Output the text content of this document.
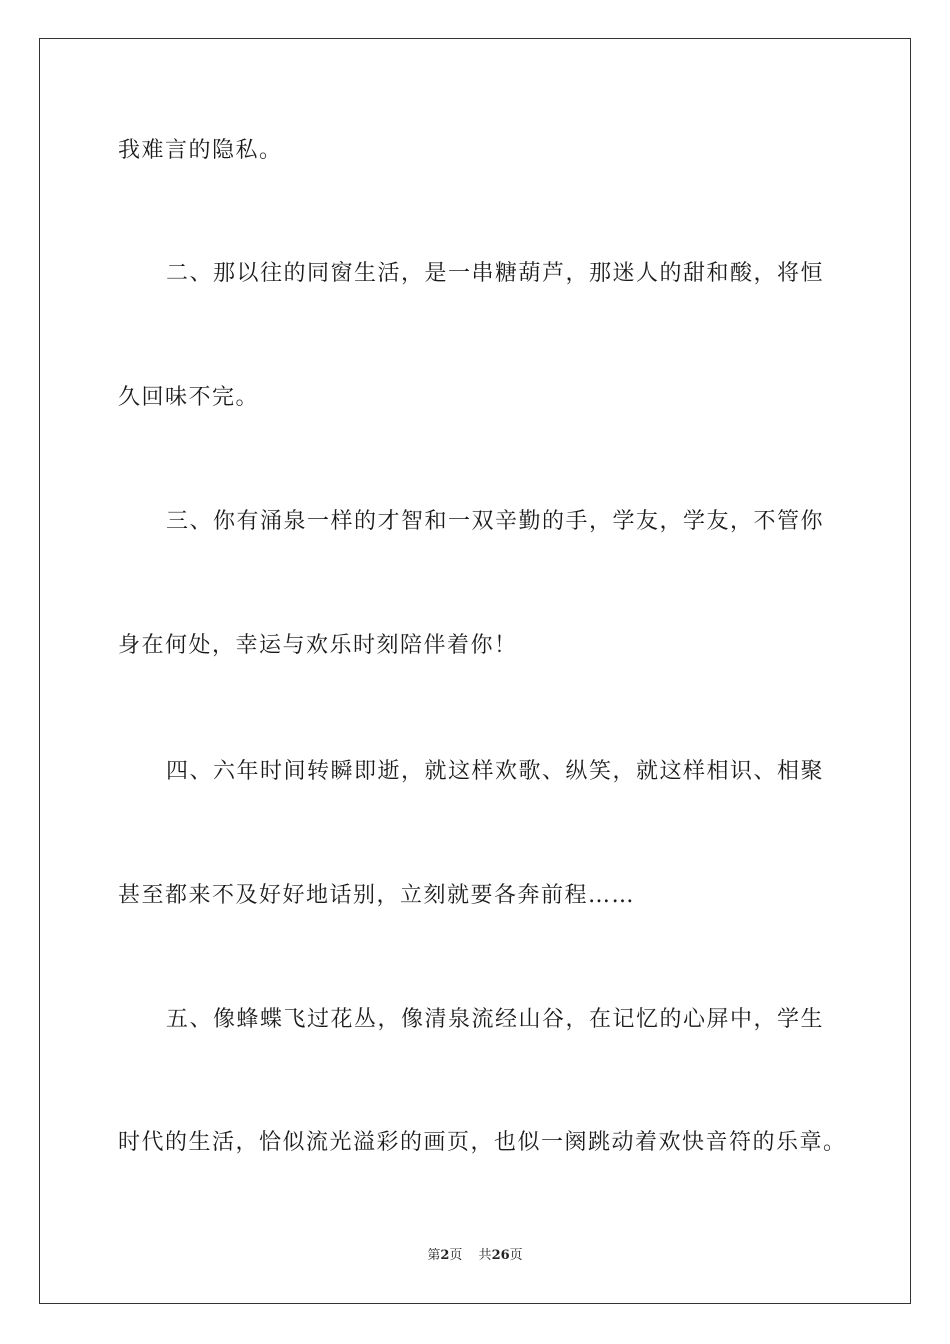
我难言的隐私。
二、那以往的同窗生活，是一串糖葫芦，那迷人的甜和酸，将恒
久回味不完。
三、你有涌泉一样的才智和一双辛勤的手，学友，学友，不管你
身在何处，幸运与欢乐时刻陪伴着你！
四、六年时间转瞬即逝，就这样欢歌、纵笑，就这样相识、相聚
甚至都来不及好好地话别，立刻就要各奔前程……
五、像蜂蝶飞过花丛，像清泉流经山谷，在记忆的心屏中，学生
时代的生活，恰似流光溢彩的画页，也似一阕跳动着欢快音符的乐章。
第2页 共26页
